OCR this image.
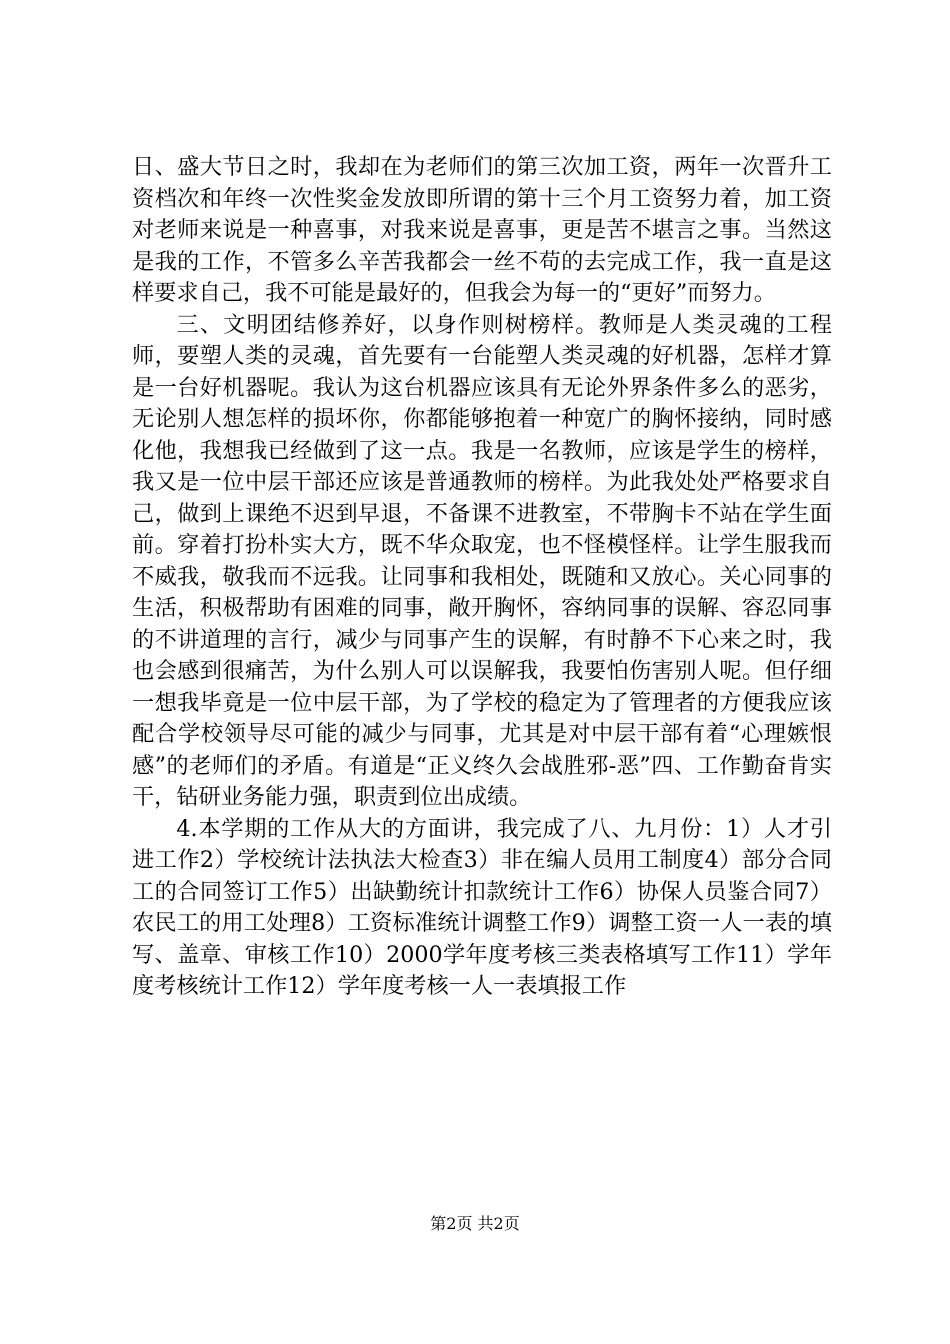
日、盛大节日之时，我却在为老师们的第三次加工资，两年一次晋升工资档次和年终一次性奖金发放即所谓的第十三个月工资努力着，加工资对老师来说是一种喜事，对我来说是喜事，更是苦不堪言之事。当然这是我的工作，不管多么辛苦我都会一丝不苟的去完成工作，我一直是这样要求自己，我不可能是最好的，但我会为每一的“更好”而努力。

三、文明团结修养好，以身作则树榜样。教师是人类灵魂的工程师，要塑人类的灵魂，首先要有一台能塑人类灵魂的好机器，怎样才算是一台好机器呢。我认为这台机器应该具有无论外界条件多么的恶劣，无论别人想怎样的损坏你，你都能够抱着一种宽广的胸怀接纳，同时感化他，我想我已经做到了这一点。我是一名教师，应该是学生的榜样，我又是一位中层干部还应该是普通教师的榜样。为此我处处严格要求自己，做到上课绝不迟到早退，不备课不进教室，不带胸卡不站在学生面前。穿着打扮朴实大方，既不华众取宠，也不怪模怪样。让学生服我而不威我，敬我而不远我。让同事和我相处，既随和又放心。关心同事的生活，积极帮助有困难的同事，敞开胸怀，容纳同事的误解、容忍同事的不讲道理的言行，减少与同事产生的误解，有时静不下心来之时，我也会感到很痛苦，为什么别人可以误解我，我要怕伤害别人呢。但仔细一想我毕竟是一位中层干部，为了学校的稳定为了管理者的方便我应该配合学校领导尽可能的减少与同事，尤其是对中层干部有着“心理嫉恨感”的老师们的矛盾。有道是“正义终久会战胜邪-恶”四、工作勤奋肯实干，钻研业务能力强，职责到位出成绩。

4.本学期的工作从大的方面讲，我完成了八、九月份：1）人才引进工作2）学校统计法执法大检查3）非在编人员用工制度4）部分合同工的合同签订工作5）出缺勤统计扣款统计工作6）协保人员鉴合同7）农民工的用工处理8）工资标准统计调整工作9）调整工资一人一表的填写、盖章、审核工作10）2000学年度考核三类表格填写工作11）学年度考核统计工作12）学年度考核一人一表填报工作

第2页 共2页
